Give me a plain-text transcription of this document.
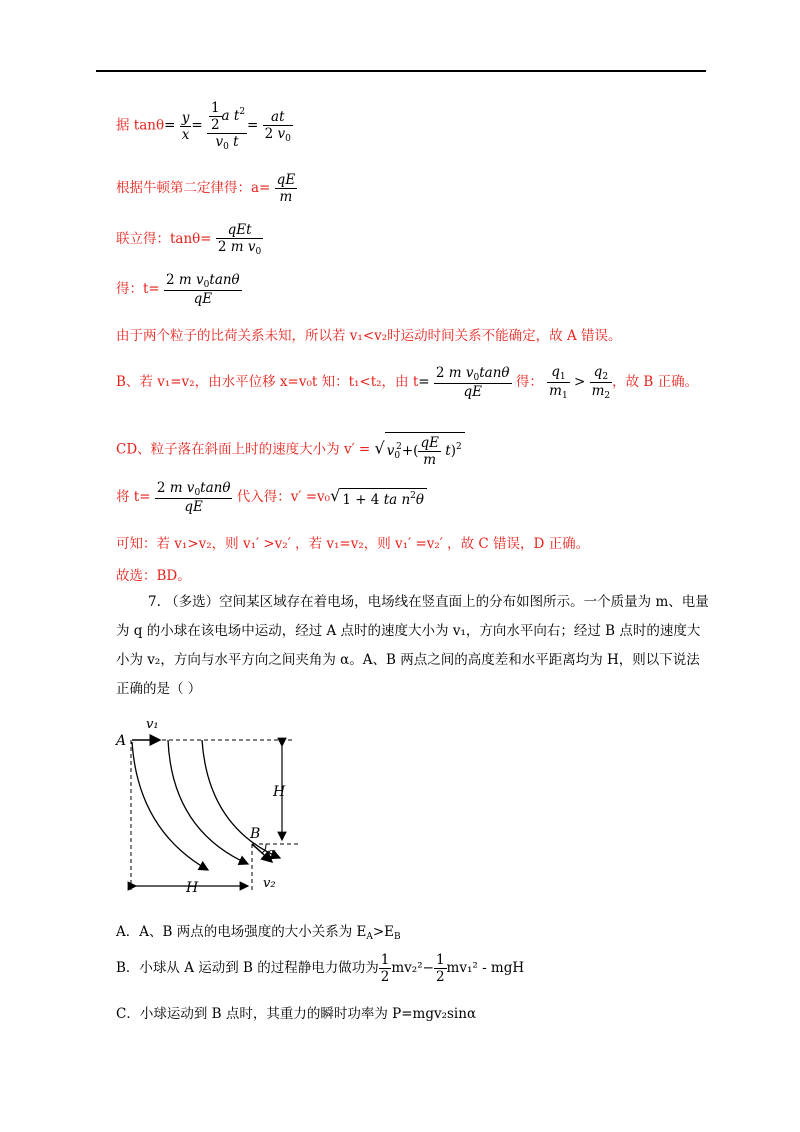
据 $\tan\theta= \frac{y}{x} = \frac{\frac{1}{2} a t^2}{v_0 t} = \frac{at}{2 v_0}$
根据牛顿第二定律得：$a= \frac{qE}{m}$
联立得：$\tan\theta= \frac{\text{qEt}}{2 m v_0}$
得：$t= \frac{2 m v_0\tan\theta}{qE}$
由于两个粒子的比荷关系未知，所以若 v₁<v₂时运动时间关系不能确定，故 A 错误。
B、若 v₁=v₂，由水平位移 x=v₀t 知：t₁<t₂，由 $t= \frac{2 m v_0\tan\theta}{qE}$ 得： $\frac{q_1}{m_1} > \frac{q_2}{m_2}$ ，故 B 正确。
CD、粒子落在斜面上时的速度大小为 v′ = √ $v_0^2+( \frac{qE}{m} t)^2$
将 $t= \frac{2 m v_0\tan\theta}{qE}$ 代入得：v′ =v₀√ 1 + 4 ta $n^2\theta$
可知：若 v₁>v₂，则 v₁′ >v₂′ ，若 v₁=v₂，则 v₁′ =v₂′ ，故 C 错误，D 正确。
故选：BD。
7. （多选）空间某区域存在着电场，电场线在竖直面上的分布如图所示。一个质量为 m、电量为 q 的小球在该电场中运动，经过 A 点时的速度大小为 v₁，方向水平向右；经过 B 点时的速度大小为 v₂，方向与水平方向之间夹角为 α。A、B 两点之间的高度差和水平距离均为 H，则以下说法正确的是（ ）
A
v₁
B
α
v₂
H
H
A．A、B 两点的电场强度的大小关系为 $E_A>E_B$
B．小球从 A 运动到 B 的过程静电力做功为 $\frac{1}{2} mv_2^2- \frac{1}{2} mv_1^2$ - mgH
C．小球运动到 B 点时，其重力的瞬时功率为 P=mgv₂sinα
